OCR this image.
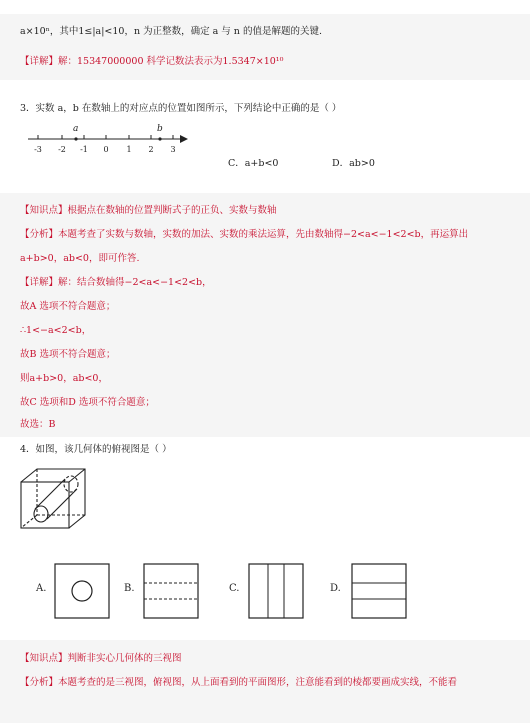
a×10ⁿ，其中1≤|a|<10，n 为正整数，确定 a 与 n 的值是解题的关键.
【详解】解：15347000000 科学记数法表示为1.5347×10¹⁰
3．实数 a，b 在数轴上的对应点的位置如图所示，下列结论中正确的是（ ）
a	b
-3 -2 -1 0 1 2 3
C．a+b<0	D．ab>0
【知识点】根据点在数轴的位置判断式子的正负、实数与数轴
【分析】本题考查了实数与数轴，实数的加法、实数的乘法运算，先由数轴得−2<a<−1<2<b，再运算出
a+b>0，ab<0，即可作答.
【详解】解：结合数轴得−2<a<−1<2<b，
故A 选项不符合题意；
∴1<−a<2<b，
故B 选项不符合题意；
则a+b>0，ab<0，
故C 选项和D 选项不符合题意；
故选：B
4．如图，该几何体的俯视图是（ ）
A.	B.	C.	D.
【知识点】判断非实心几何体的三视图
【分析】本题考查的是三视图，俯视图，从上面看到的平面图形，注意能看到的棱都要画成实线，不能看
